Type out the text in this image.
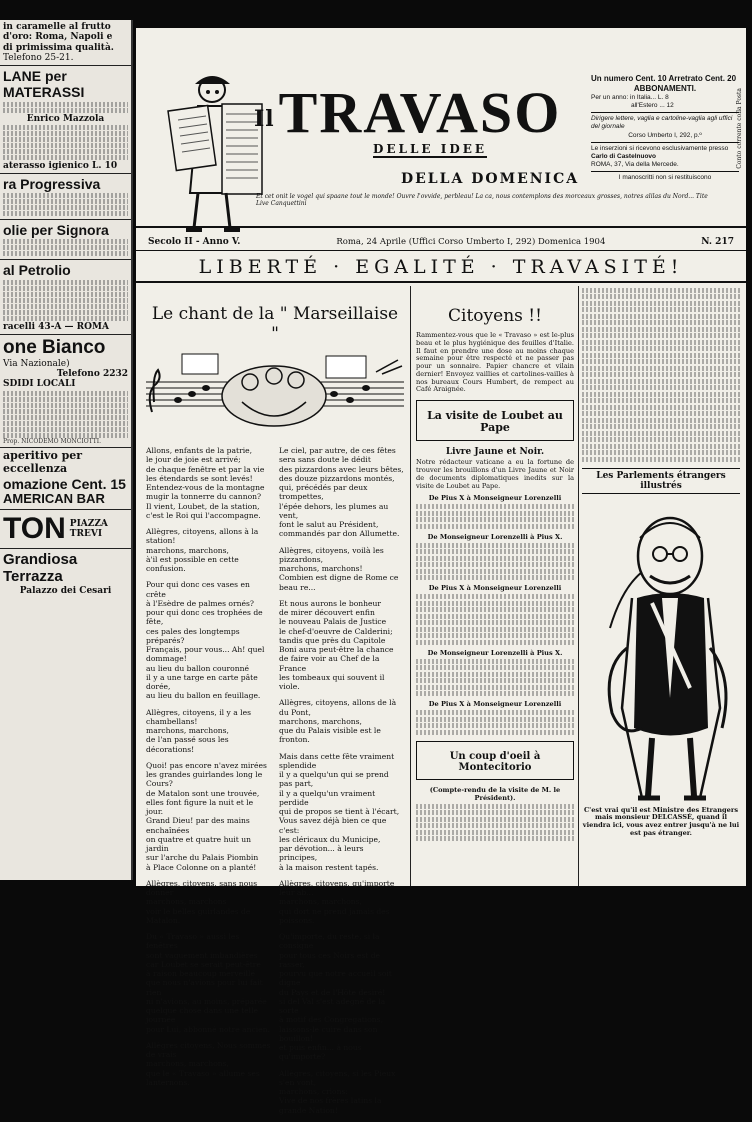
in caramelle al frutto
d'oro: Roma, Napoli e
di primissima qualità.
Telefono 25-21.
LANE per MATERASSI
Enrico Mazzola
aterasso igienico L. 10
ra Progressiva
olie per Signora
al Petrolio
racelli 43-A — ROMA
one Bianco
Via Nazionale)
Telefono 2232
SDIDI LOCALI
Prop. NICODEMO MONCIOTTI.
aperitivo per eccellenza
omazione Cent. 15
AMERICAN BAR
TON PIAZZA
TREVI
Grandiosa Terrazza
Palazzo dei Cesari
Il TRAVASO
DELLE IDEE
DELLA DOMENICA
Un numero Cent. 10 Arretrato Cent. 20
ABBONAMENTI.
Per un anno: in Italia... L. 8
all'Estero ... 12
Dirigere lettere, vaglia e cartoline-vaglia agli uffici del giornale
Corso Umberto I, 292, p.º
Le inserzioni si ricevono esclusivamente presso
Carlo di Castelnuovo
ROMA, 37, Via della Mercede.
I manoscritti non si restituiscono
Conto corrente colla Posta
Et cet onit le vogel qui spaane tout le monde! Ouvre l'ovvide, perbleau! La ca, nous contemplons des morceaux grosses, notres alilas du Nord... Tite Live Canquettini
Secolo II - Anno V.	Roma, 24 Aprile (Uffici Corso Umberto I, 292) Domenica 1904	N. 217
LIBERTÉ · EGALITÉ · TRAVASITÉ!
Le chant de la " Marseillaise "

Allons, enfants de la patrie,
le jour de joie est arrivé;
de chaque fenêtre et par la vie
les étendards se sont levés!
Entendez-vous de la montagne
mugir la tonnerre du cannon?
Il vient, Loubet, de la station,
c'est le Roi qui l'accompagne.

Allègres, citoyens, allons à la station!
marchons, marchons,
à'il est possible en cette confusion.

Pour qui donc ces vases en crête
à l'Esèdre de palmes ornés?
pour qui donc ces trophées de fête,
ces pales des longtemps préparés?
Français, pour vous... Ah! quel dommage!
au lieu du ballon couronné
il y a une targe en carte pâte dorée,
au lieu du ballon en feuillage.

Allègres, citoyens, il y a les chambellans!
marchons, marchons,
de l'an passé sous les décorations!

Quoi! pas encore n'avez mirées
les grandes guirlandes long le Cours?
de Matalon sont une trouvée,
elles font figure la nuit et le jour.
Grand Dieu! par des mains enchaînées
on quatre et quatre huit un jardin
sur l'arche du Palais Piombin
à Place Colonne on a planté!

Allègres, citoyens, sans nous donner
marchons, marchons
voir le belles guirlandes de Matalon.

Du « Travaso » aussi les fenêtres
sont vaguement imbandières
car Loubet se serait peut-être
à raison beaucoup merveillé
que nous n'avions pour lui fait rien
ni n'avions, au moins, préparée
quelque chose dans une telle journée
pour Lui, abbonné notre ancien.

Allègres citoyens, Nous sommes de vrais
marchons, marchons,
que le « Travaso » allume ses lanternons.

Le ciel, par autre, de ces fêtes
sera sans doute le dédit
des pizzardons avec leurs bêtes,
des douze pizzardons montés,
qui, précédés par deux trompettes,
l'épée dehors, les plumes au vent,
font le salut au Président,
commandés par don Allumette.

Allègres, citoyens, voilà les pizzardons,
marchons, marchons!
Combien est digne de Rome ce beau re...

Et nous aurons le bonheur
de mirer découvert enfin
le nouveau Palais de Justice
le chef-d'oeuvre de Calderini;
tandis que près du Capitole
Boni aura peut-être la chance
de faire voir au Chef de la France
les tombeaux qui souvent il viole.

Allègres, citoyens, allons de là du Pont,
marchons, marchons,
que du Palais visible est le fronton.

Mais dans cette fête vraiment splendide
il y a quelqu'un qui se prend pas part,
il y a quelqu'un vraiment perdide
qui de propos se tient à l'écart,
Vous savez déjà bien ce que c'est:
les cléricaux du Municipe,
par dévotion... à leurs principes,
à la maison restent tapés.

Allègres, citoyens, qu'importe leur ab...
marchons, marchons,
qui dort ne prend jamais des poissons.

Qu'importe, du reste, si la consigne
pour tous ces Noirs est de rasser,
pourvu que notre accueil soit digne
du Pays et de l'Hôte desiré!
si del Val s'est adegné de la sorte
à motif des Congregations,
laissons-le cuire dans son bouillon!
et puis enfin... à nous qu'importe?

Allègres, citoyens, si les Pieux s'en vont,
marchons, crions:
Vive de nos frères latins la grande Nation!

Citoyens !!
Rammentez-vous que le « Travaso » est le-plus beau et le plus hygiénique des feuilles d'Italie. Il faut en prendre une dose au moins chaque semaine pour être respecté et ne passer pas pour un sonnaire. Papier chancre et vilain dernier! Envoyez vaillies et cartolines-vailles à nos bureaux Cours Humbert, de rempect au Café Araignée.
La visite de Loubet au Pape
Livre Jaune et Noir.
Notre rédacteur vaticane a eu la fortune de trouver les brouillons d'un Livre Jaune et Noir de documents diplomatiques inedits sur la visite de Loubet au Pape.
De Pius X à Monseigneur Lorenzelli
De Monseigneur Lorenzelli à Pius X.
De Pius X à Monseigneur Lorenzelli
De Monseigneur Lorenzelli à Pius X.
De Pius X à Monseigneur Lorenzelli
Un coup d'oeil à Montecitorio
(Compte-rendu de la visite de M. le Président).
Les Parlements étrangers illustrés
C'est vrai qu'il est Ministre des Etrangers mais monsieur DELCASSÉ, quand il viendra ici, vous avez entrer jusqu'à ne lui est pas étranger.
